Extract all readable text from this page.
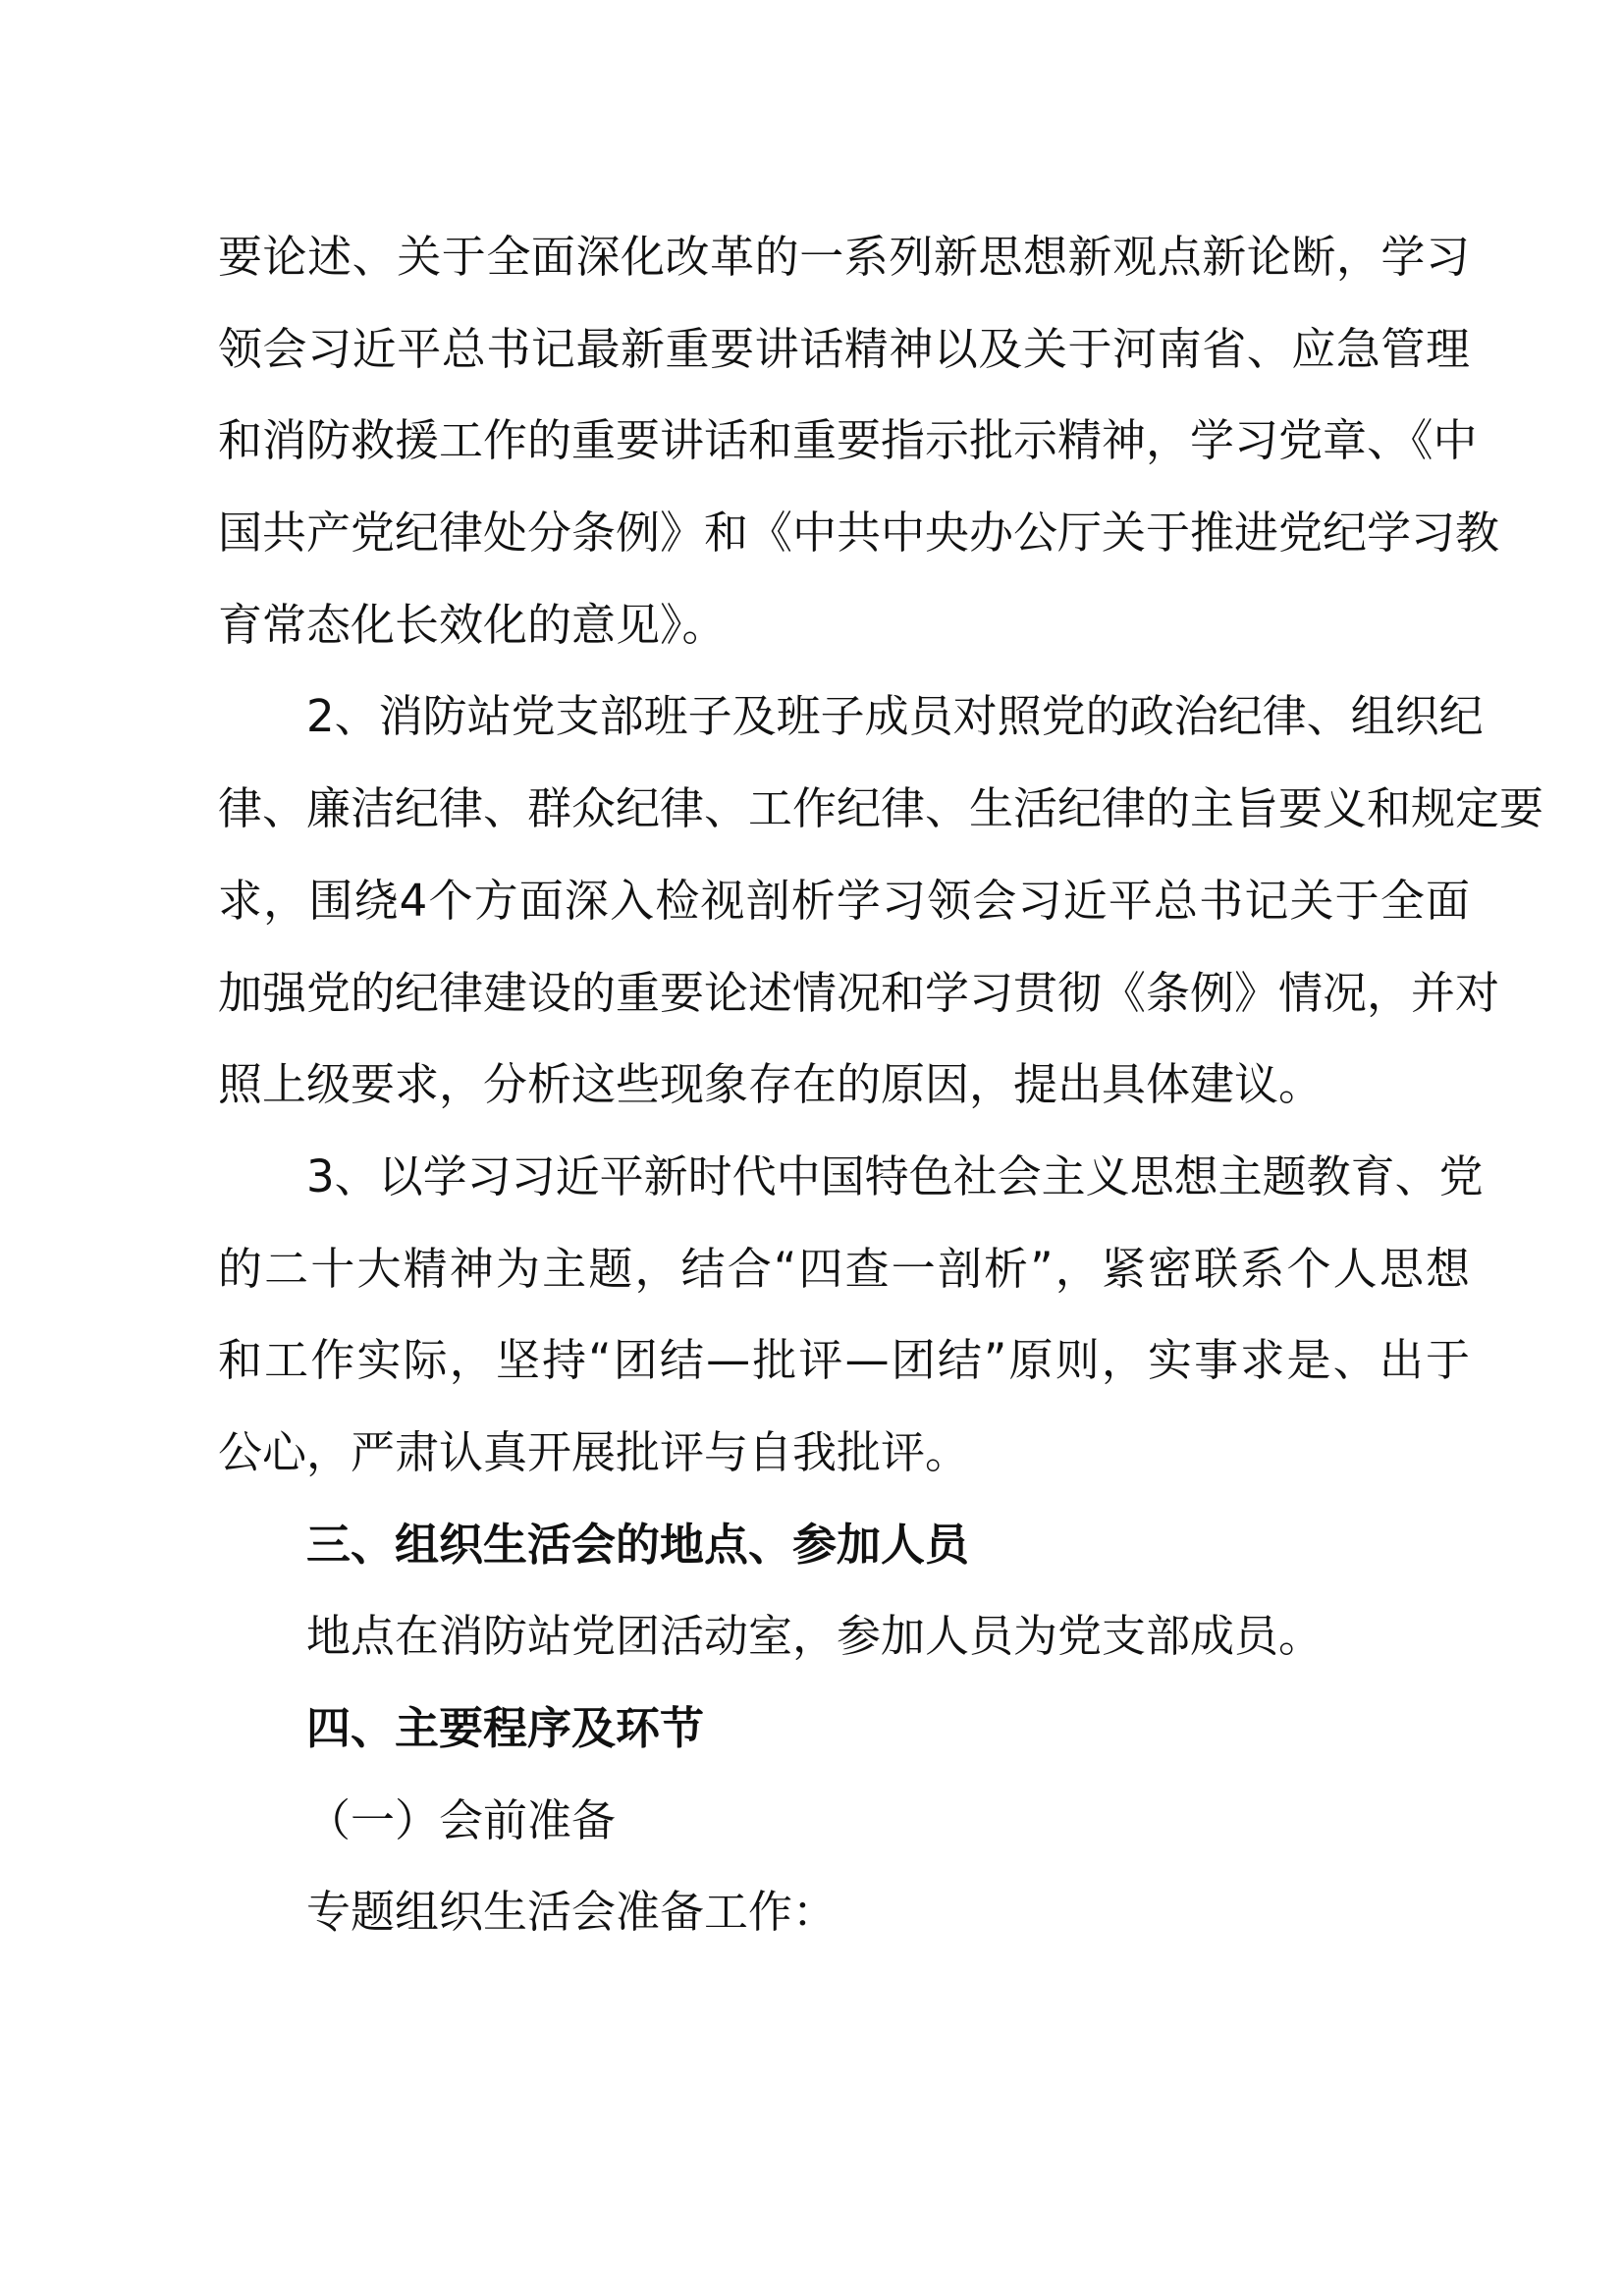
要论述、关于全面深化改革的一系列新思想新观点新论断，学习
领会习近平总书记最新重要讲话精神以及关于河南省、应急管理
和消防救援工作的重要讲话和重要指示批示精神，学习党章、《中
国共产党纪律处分条例》和《中共中央办公厅关于推进党纪学习教
育常态化长效化的意见》。
2、消防站党支部班子及班子成员对照党的政治纪律、组织纪
律、廉洁纪律、群众纪律、工作纪律、生活纪律的主旨要义和规定要
求，围绕4个方面深入检视剖析学习领会习近平总书记关于全面
加强党的纪律建设的重要论述情况和学习贯彻《条例》情况，并对
照上级要求，分析这些现象存在的原因，提出具体建议。
3、以学习习近平新时代中国特色社会主义思想主题教育、党
的二十大精神为主题，结合“四查一剖析”，紧密联系个人思想
和工作实际，坚持“团结—批评—团结”原则，实事求是、出于
公心，严肃认真开展批评与自我批评。
三、组织生活会的地点、参加人员
地点在消防站党团活动室，参加人员为党支部成员。
四、主要程序及环节
（一）会前准备
专题组织生活会准备工作：
